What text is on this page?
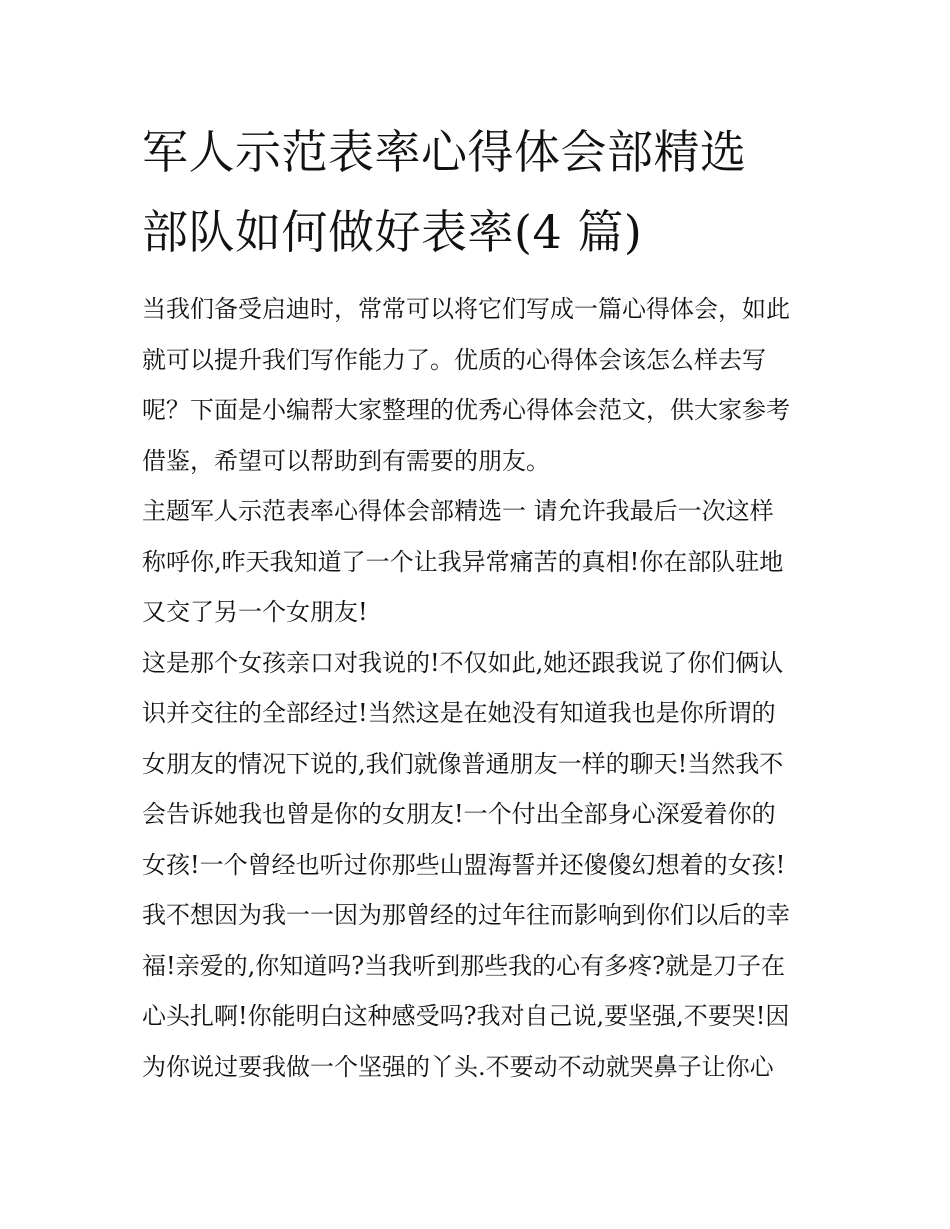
军人示范表率心得体会部精选
部队如何做好表率(4 篇)

当我们备受启迪时，常常可以将它们写成一篇心得体会，如此
就可以提升我们写作能力了。优质的心得体会该怎么样去写
呢？下面是小编帮大家整理的优秀心得体会范文，供大家参考
借鉴，希望可以帮助到有需要的朋友。

主题军人示范表率心得体会部精选一 请允许我最后一次这样
称呼你,昨天我知道了一个让我异常痛苦的真相!你在部队驻地
又交了另一个女朋友!

这是那个女孩亲口对我说的!不仅如此,她还跟我说了你们俩认
识并交往的全部经过!当然这是在她没有知道我也是你所谓的
女朋友的情况下说的,我们就像普通朋友一样的聊天!当然我不
会告诉她我也曾是你的女朋友!一个付出全部身心深爱着你的
女孩!一个曾经也听过你那些山盟海誓并还傻傻幻想着的女孩!
我不想因为我一一因为那曾经的过年往而影响到你们以后的幸
福!亲爱的,你知道吗?当我听到那些我的心有多疼?就是刀子在
心头扎啊!你能明白这种感受吗?我对自己说,要坚强,不要哭!因
为你说过要我做一个坚强的丫头.不要动不动就哭鼻子让你心
